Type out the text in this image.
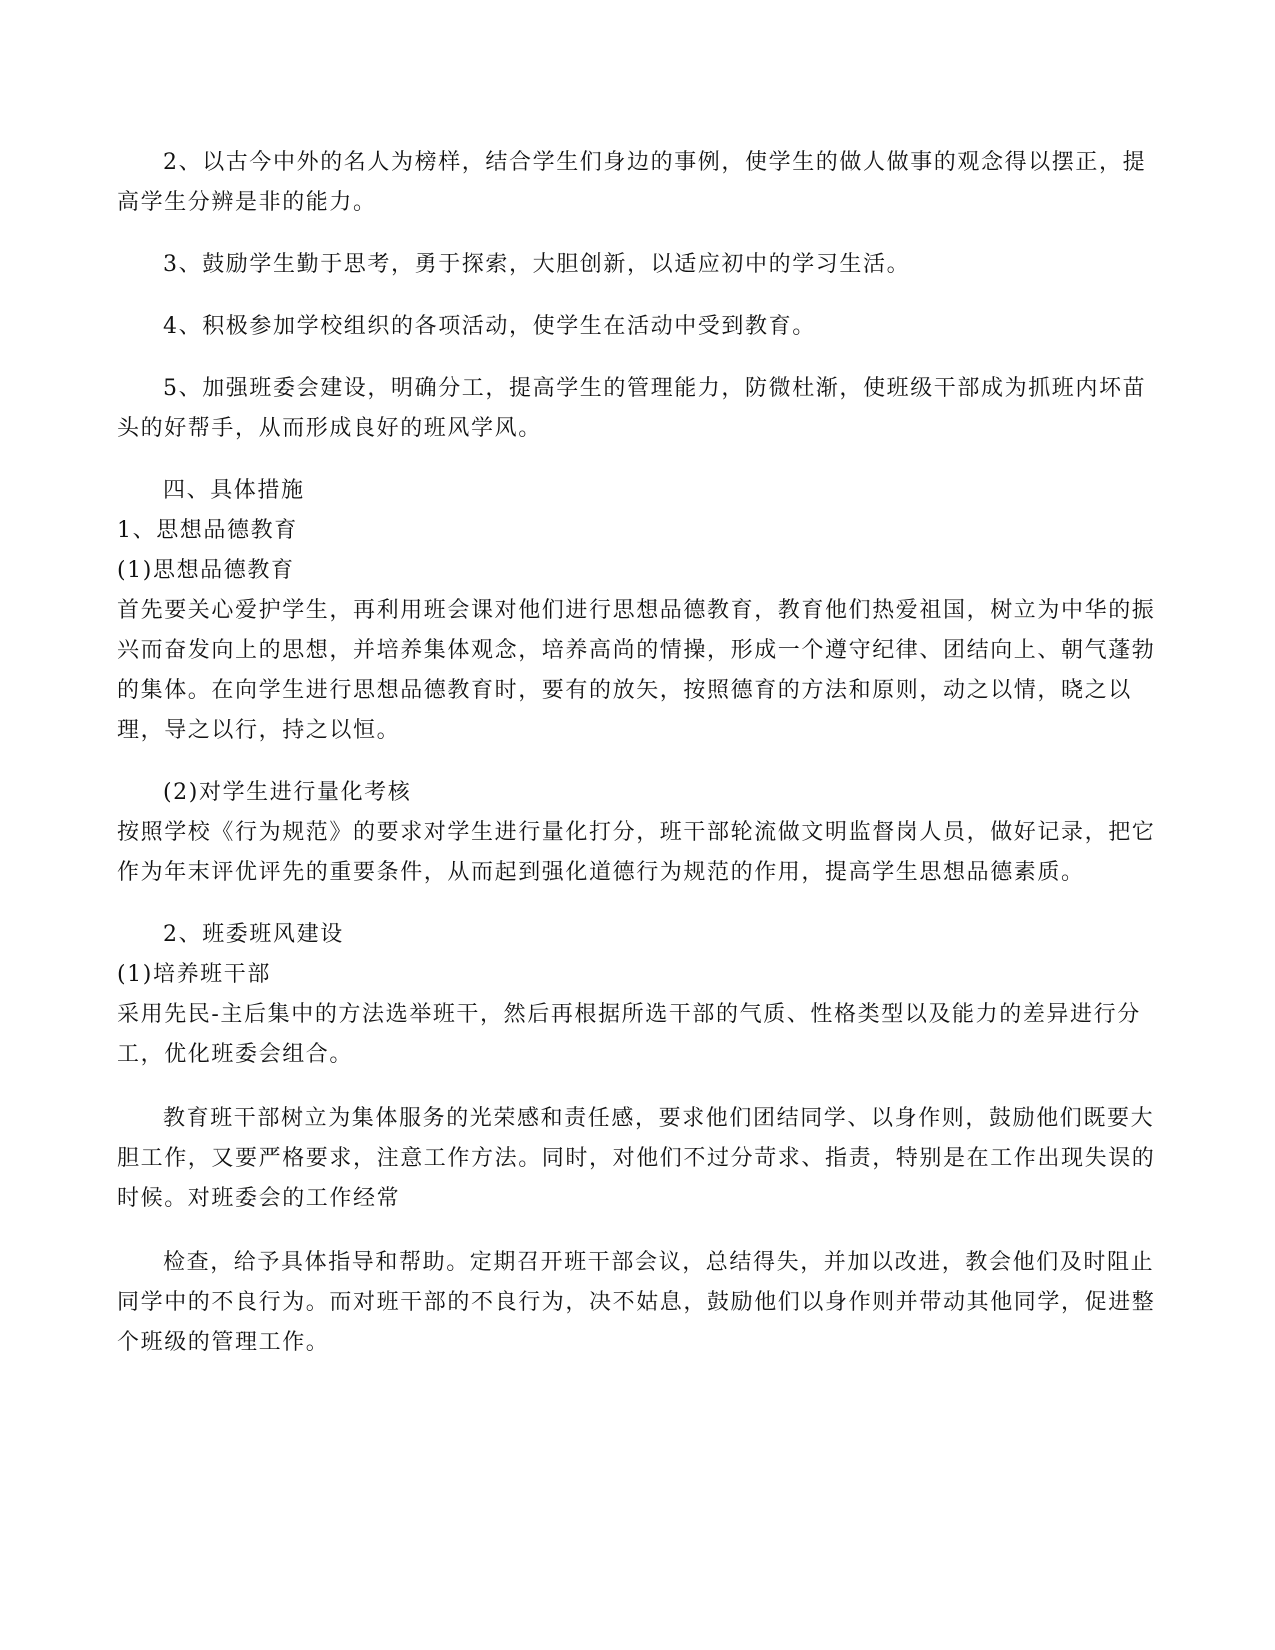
2、以古今中外的名人为榜样，结合学生们身边的事例，使学生的做人做事的观念得以摆正，提高学生分辨是非的能力。

3、鼓励学生勤于思考，勇于探索，大胆创新，以适应初中的学习生活。

4、积极参加学校组织的各项活动，使学生在活动中受到教育。

5、加强班委会建设，明确分工，提高学生的管理能力，防微杜渐，使班级干部成为抓班内坏苗头的好帮手，从而形成良好的班风学风。

四、具体措施

1、思想品德教育

(1)思想品德教育

首先要关心爱护学生，再利用班会课对他们进行思想品德教育，教育他们热爱祖国，树立为中华的振兴而奋发向上的思想，并培养集体观念，培养高尚的情操，形成一个遵守纪律、团结向上、朝气蓬勃的集体。在向学生进行思想品德教育时，要有的放矢，按照德育的方法和原则，动之以情，晓之以理，导之以行，持之以恒。

(2)对学生进行量化考核

按照学校《行为规范》的要求对学生进行量化打分，班干部轮流做文明监督岗人员，做好记录，把它作为年末评优评先的重要条件，从而起到强化道德行为规范的作用，提高学生思想品德素质。

2、班委班风建设

(1)培养班干部

采用先民-主后集中的方法选举班干，然后再根据所选干部的气质、性格类型以及能力的差异进行分工，优化班委会组合。

教育班干部树立为集体服务的光荣感和责任感，要求他们团结同学、以身作则，鼓励他们既要大胆工作，又要严格要求，注意工作方法。同时，对他们不过分苛求、指责，特别是在工作出现失误的时候。对班委会的工作经常

检查，给予具体指导和帮助。定期召开班干部会议，总结得失，并加以改进，教会他们及时阻止同学中的不良行为。而对班干部的不良行为，决不姑息，鼓励他们以身作则并带动其他同学，促进整个班级的管理工作。
